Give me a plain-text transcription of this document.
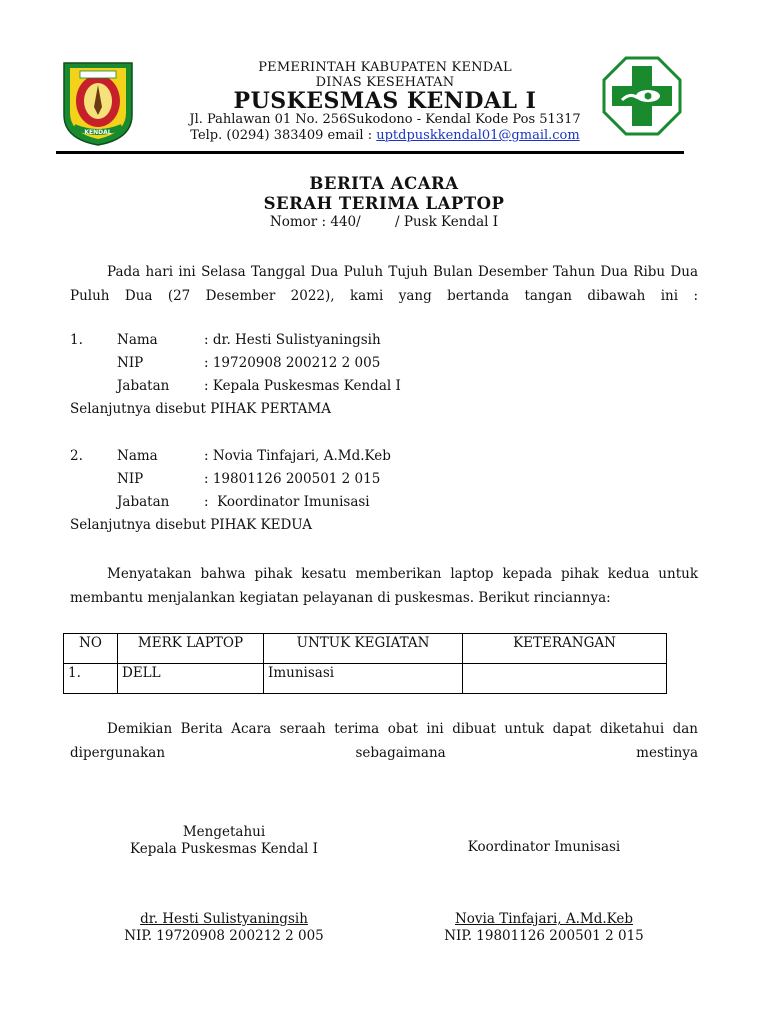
KENDAL
PEMERINTAH KABUPATEN KENDAL
DINAS KESEHATAN
PUSKESMAS KENDAL I
Jl. Pahlawan 01 No. 256Sukodono - Kendal Kode Pos 51317
Telp. (0294) 383409 email : uptdpuskkendal01@gmail.com
BERITA ACARA
SERAH TERIMA LAPTOP
Nomor : 440/        / Pusk Kendal I
Pada hari ini Selasa Tanggal Dua Puluh Tujuh Bulan Desember Tahun Dua Ribu Dua Puluh Dua (27 Desember 2022), kami yang bertanda tangan dibawah ini :
1.	Nama	: dr. Hesti Sulistyaningsih
NIP	: 19720908 200212 2 005
Jabatan	: Kepala Puskesmas Kendal I
Selanjutnya disebut PIHAK PERTAMA
2.	Nama	: Novia Tinfajari, A.Md.Keb
NIP	: 19801126 200501 2 015
Jabatan	:  Koordinator Imunisasi
Selanjutnya disebut PIHAK KEDUA
Menyatakan bahwa pihak kesatu memberikan laptop kepada pihak kedua untuk membantu menjalankan kegiatan pelayanan di puskesmas. Berikut rinciannya:
NO	MERK LAPTOP	UNTUK KEGIATAN	KETERANGAN
1.	DELL	Imunisasi	
Demikian Berita Acara seraah terima obat ini dibuat untuk dapat diketahui dan dipergunakan sebagaimana mestinya
Mengetahui
Kepala Puskesmas Kendal I	Koordinator Imunisasi
dr. Hesti Sulistyaningsih
NIP. 19720908 200212 2 005
Novia Tinfajari, A.Md.Keb
NIP. 19801126 200501 2 015
